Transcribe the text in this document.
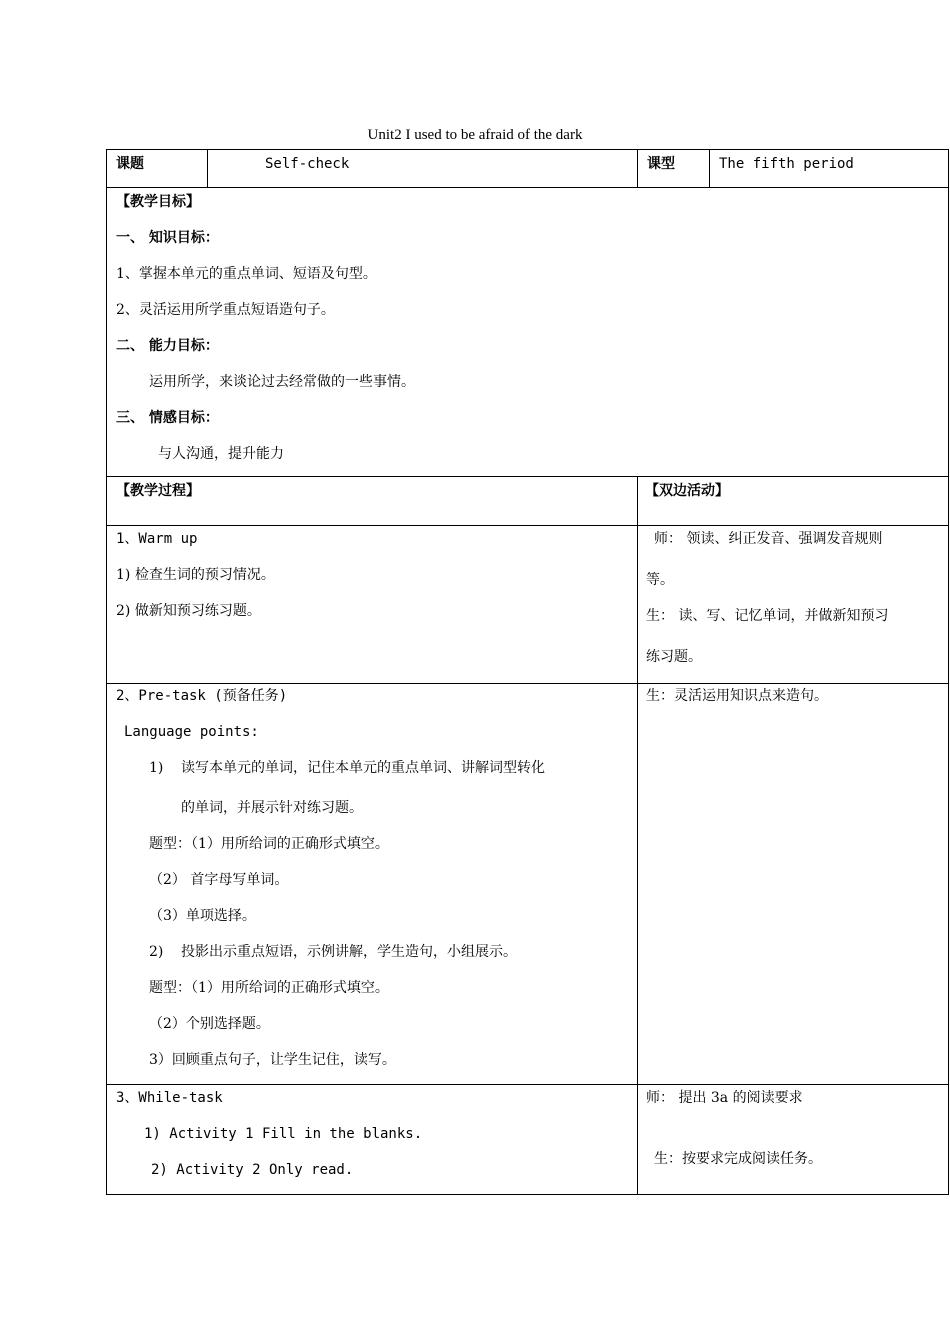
Unit2 I used to be afraid of the dark
课题	Self-check	课型	The fifth period
【教学目标】
一、 知识目标：
1、掌握本单元的重点单词、短语及句型。
2、灵活运用所学重点短语造句子。
二、 能力目标：
运用所学，来谈论过去经常做的一些事情。
三、 情感目标：
与人沟通，提升能力
【教学过程】	【双边活动】
1、Warm up
1) 检查生词的预习情况。
2) 做新知预习练习题。
师： 领读、纠正发音、强调发音规则
等。
生： 读、写、记忆单词，并做新知预习
练习题。
2、Pre-task (预备任务)
Language points:
1) 读写本单元的单词，记住本单元的重点单词、讲解词型转化
的单词，并展示针对练习题。
题型：（1）用所给词的正确形式填空。
（2） 首字母写单词。
（3）单项选择。
2) 投影出示重点短语，示例讲解，学生造句，小组展示。
题型：（1）用所给词的正确形式填空。
（2）个别选择题。
3）回顾重点句子，让学生记住，读写。
生：灵活运用知识点来造句。
3、While-task
1) Activity 1 Fill in the blanks.
2) Activity 2 Only read.
师： 提出 3a 的阅读要求
生：按要求完成阅读任务。
